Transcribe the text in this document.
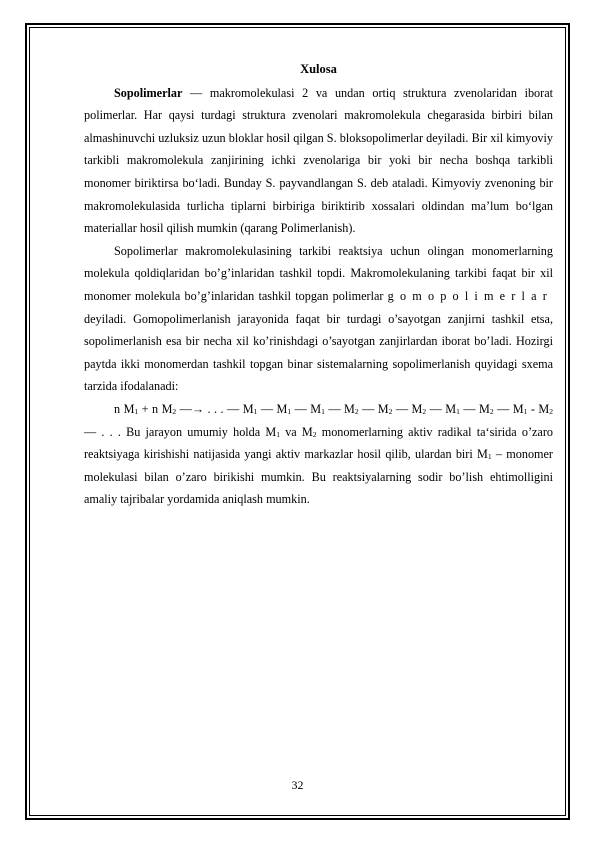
Xulosa

Sopolimerlar — makromolekulasi 2 va undan ortiq struktura zvenolaridan iborat polimerlar. Har qaysi turdagi struktura zvenolari makromolekula chegarasida birbiri bilan almashinuvchi uzluksiz uzun bloklar hosil qilgan S. bloksopolimerlar deyiladi. Bir xil kimyoviy tarkibli makromolekula zanjirining ichki zvenolariga bir yoki bir necha boshqa tarkibli monomer biriktirsa bo‘ladi. Bunday S. payvandlangan S. deb ataladi. Kimyoviy zvenoning bir makromolekulasida turlicha tiplarni birbiriga biriktirib xossalari oldindan ma’lum bo‘lgan materiallar hosil qilish mumkin (qarang Polimerlanish).

Sopolimerlar makromolekulasining tarkibi reaktsiya uchun olingan monomerlarning molekula qoldiqlaridan bo’g’inlaridan tashkil topdi. Makromolekulaning tarkibi faqat bir xil monomer molekula bo’g’inlaridan tashkil topgan polimerlar gomopolimerlar deyiladi. Gomopolimerlanish jarayonida faqat bir turdagi o’sayotgan zanjirni tashkil etsa, sopolimerlanish esa bir necha xil ko’rinishdagi o’sayotgan zanjirlardan iborat bo’ladi. Hozirgi paytda ikki monomerdan tashkil topgan binar sistemalarning sopolimerlanish quyidagi sxema tarzida ifodalanadi:

n $M_1 + n$ $M_2$ —→ . . . — $M_1$ — $M_1$ — $M_1$ — $M_2$ — $M_2$ — $M_2$ — $M_1$ — $M_2$ — $M_1 - M_2$ — . . . Bu jarayon umumiy holda $M_1$ va $M_2$ monomerlarning aktiv radikal ta‘sirida o’zaro reaktsiyaga kirishishi natijasida yangi aktiv markazlar hosil qilib, ulardan biri $M_1$ – monomer molekulasi bilan o’zaro birikishi mumkin. Bu reaktsiyalarning sodir bo’lish ehtimolligini amaliy tajribalar yordamida aniqlash mumkin.

32
